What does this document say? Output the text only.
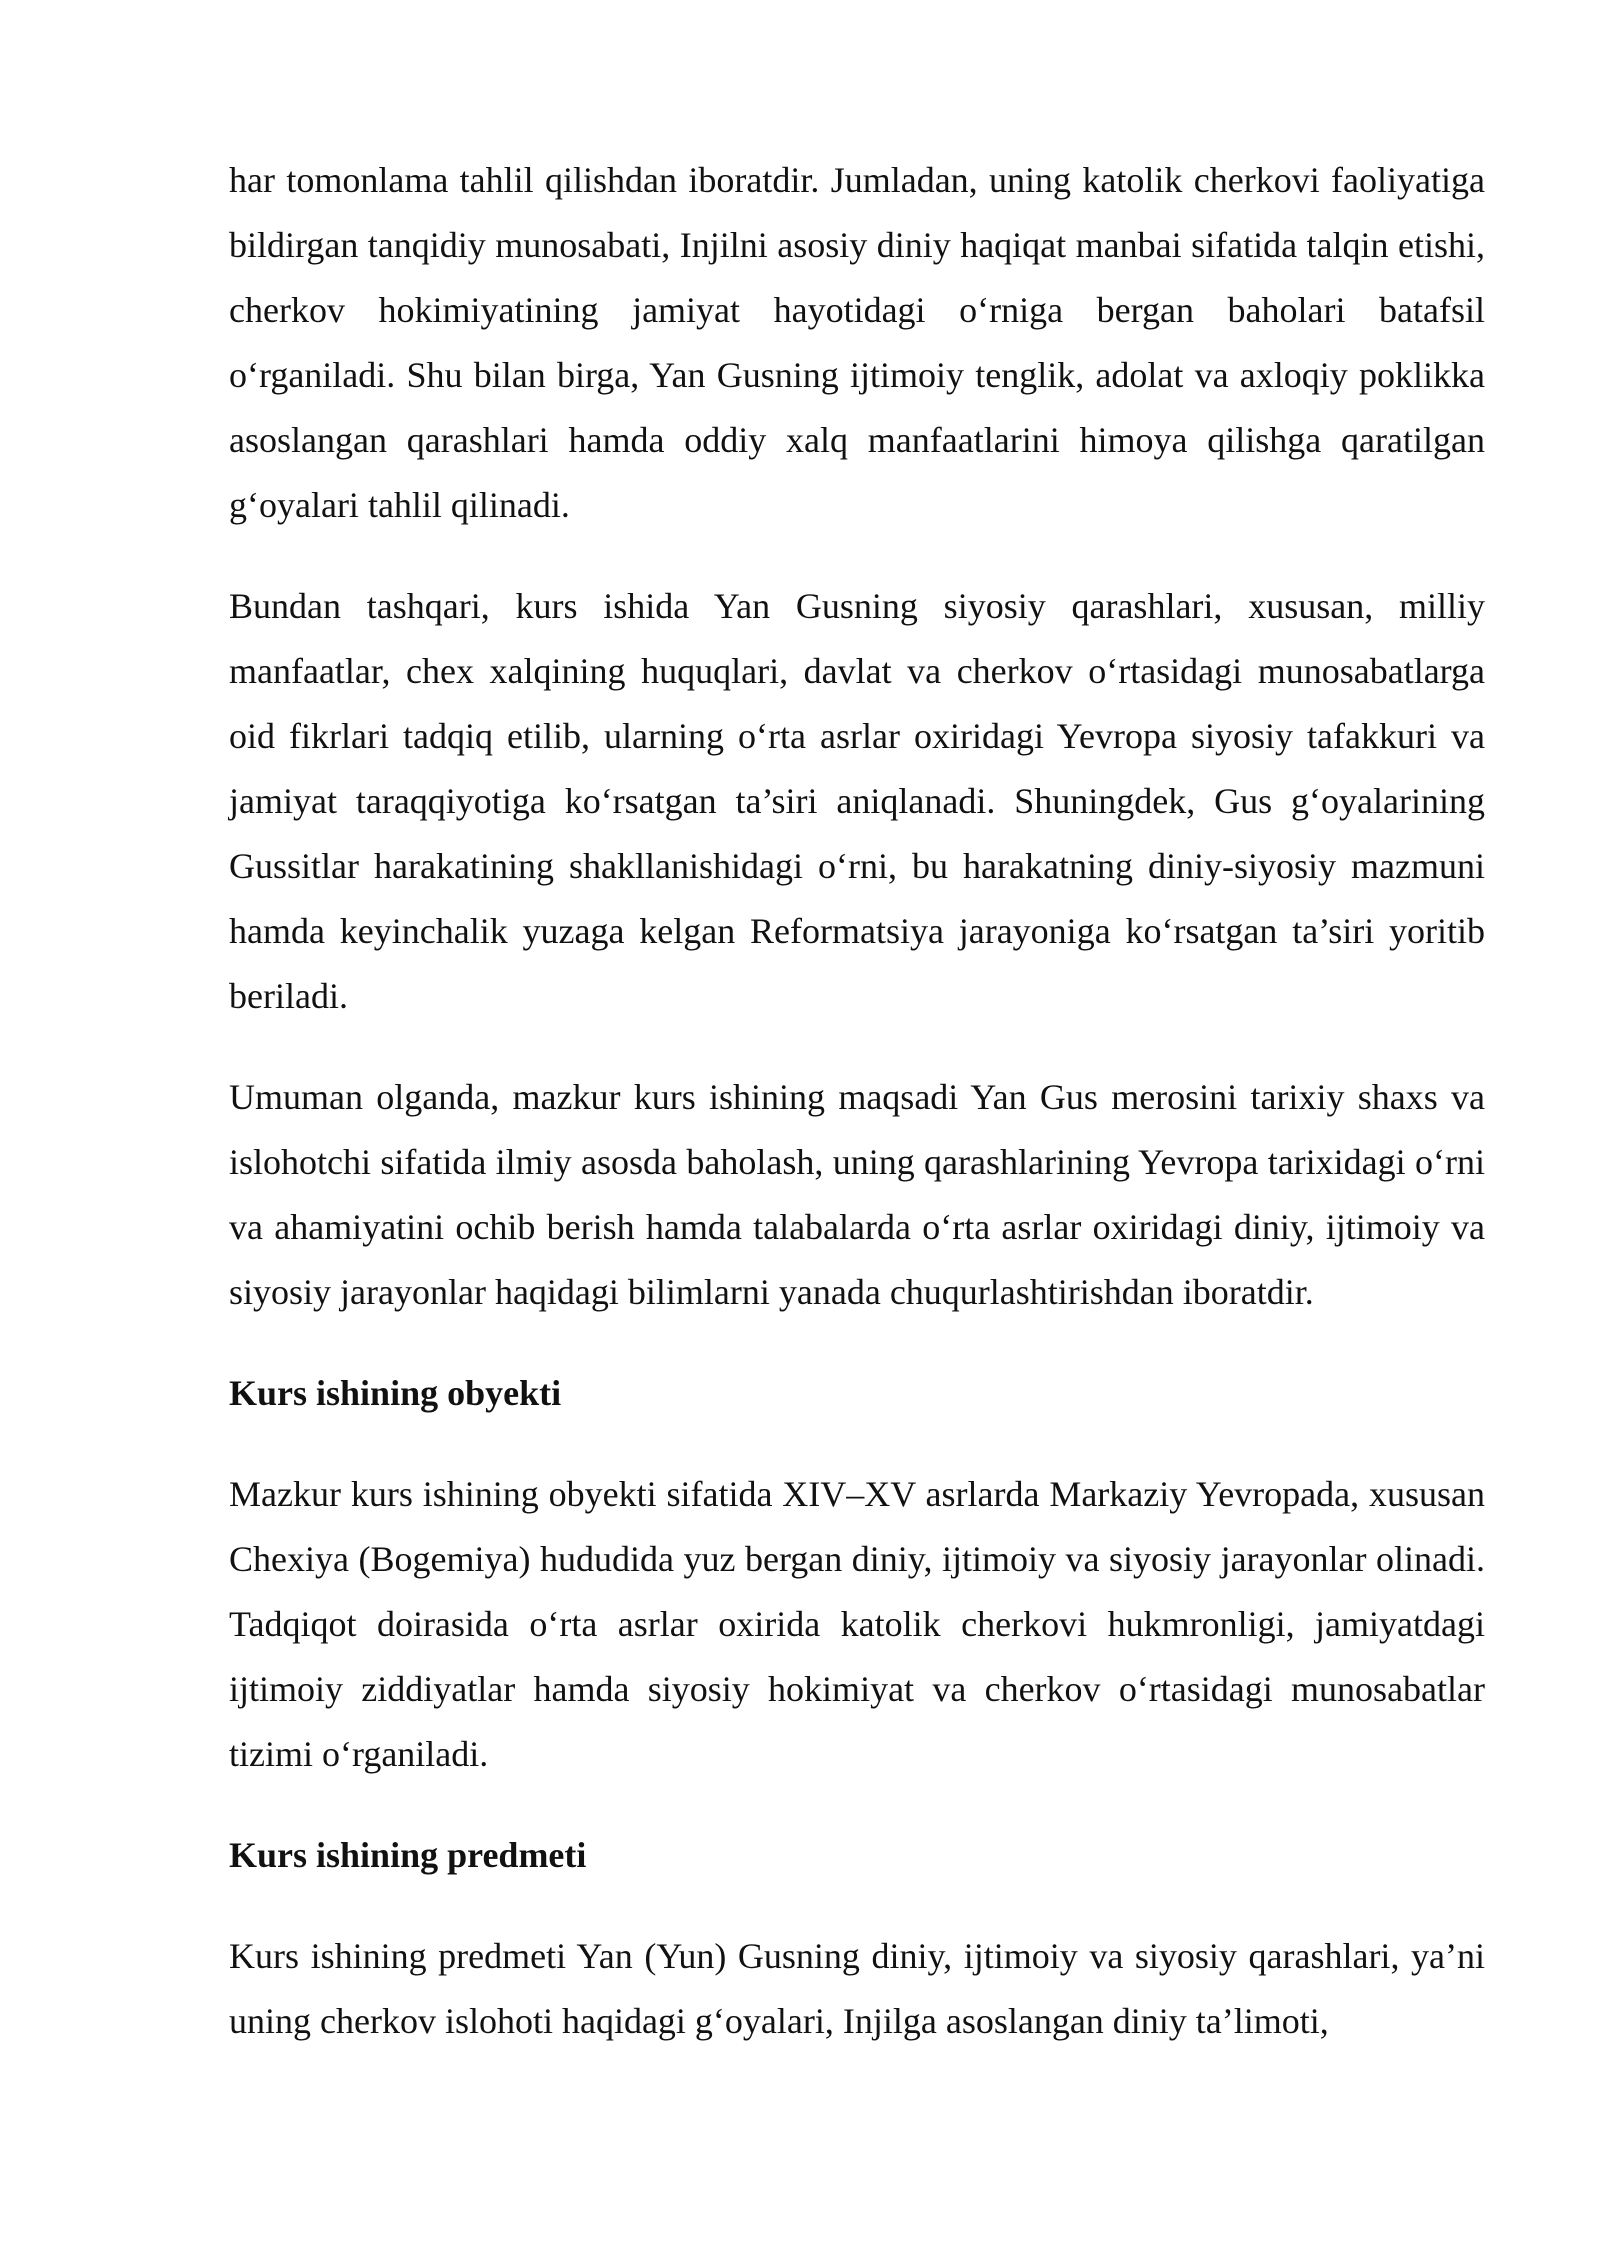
har tomonlama tahlil qilishdan iboratdir. Jumladan, uning katolik cherkovi faoliyatiga bildirgan tanqidiy munosabati, Injilni asosiy diniy haqiqat manbai sifatida talqin etishi, cherkov hokimiyatining jamiyat hayotidagi o‘rniga bergan baholari batafsil o‘rganiladi. Shu bilan birga, Yan Gusning ijtimoiy tenglik, adolat va axloqiy poklikka asoslangan qarashlari hamda oddiy xalq manfaatlarini himoya qilishga qaratilgan g‘oyalari tahlil qilinadi.

Bundan tashqari, kurs ishida Yan Gusning siyosiy qarashlari, xususan, milliy manfaatlar, chex xalqining huquqlari, davlat va cherkov o‘rtasidagi munosabatlarga oid fikrlari tadqiq etilib, ularning o‘rta asrlar oxiridagi Yevropa siyosiy tafakkuri va jamiyat taraqqiyotiga ko‘rsatgan ta’siri aniqlanadi. Shuningdek, Gus g‘oyalarining Gussitlar harakatining shakllanishidagi o‘rni, bu harakatning diniy-siyosiy mazmuni hamda keyinchalik yuzaga kelgan Reformatsiya jarayoniga ko‘rsatgan ta’siri yoritib beriladi.

Umuman olganda, mazkur kurs ishining maqsadi Yan Gus merosini tarixiy shaxs va islohotchi sifatida ilmiy asosda baholash, uning qarashlarining Yevropa tarixidagi o‘rni va ahamiyatini ochib berish hamda talabalarda o‘rta asrlar oxiridagi diniy, ijtimoiy va siyosiy jarayonlar haqidagi bilimlarni yanada chuqurlashtirishdan iboratdir.

Kurs ishining obyekti

Mazkur kurs ishining obyekti sifatida XIV–XV asrlarda Markaziy Yevropada, xususan Chexiya (Bogemiya) hududida yuz bergan diniy, ijtimoiy va siyosiy jarayonlar olinadi. Tadqiqot doirasida o‘rta asrlar oxirida katolik cherkovi hukmronligi, jamiyatdagi ijtimoiy ziddiyatlar hamda siyosiy hokimiyat va cherkov o‘rtasidagi munosabatlar tizimi o‘rganiladi.

Kurs ishining predmeti

Kurs ishining predmeti Yan (Yun) Gusning diniy, ijtimoiy va siyosiy qarashlari, ya’ni uning cherkov islohoti haqidagi g‘oyalari, Injilga asoslangan diniy ta’limoti,
